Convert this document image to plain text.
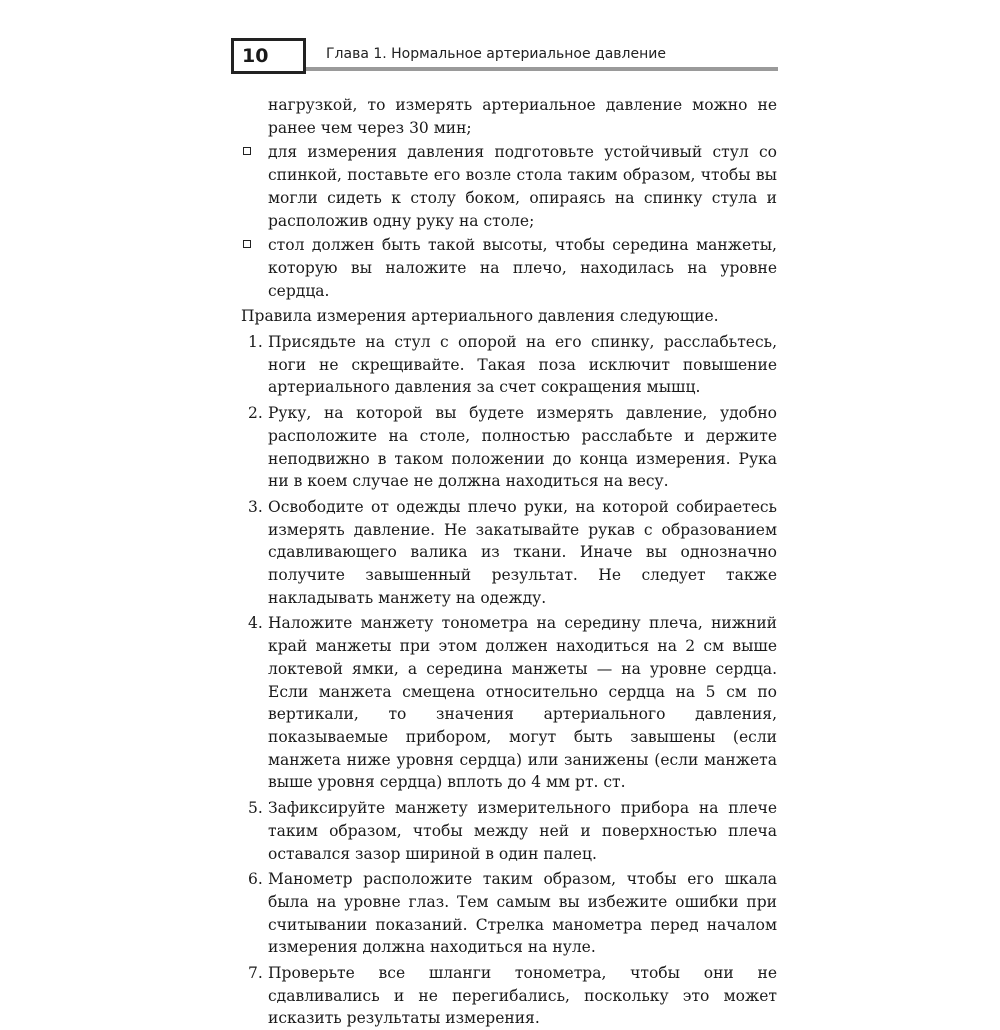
10	Глава 1. Нормальное артериальное давление

нагрузкой, то измерять артериальное давление можно не ранее чем через 30 мин;

для измерения давления подготовьте устойчивый стул со спинкой, поставьте его возле стола таким образом, чтобы вы могли сидеть к столу боком, опираясь на спинку стула и расположив одну руку на столе;
стол должен быть такой высоты, чтобы середина манжеты, которую вы наложите на плечо, находилась на уровне сердца.

Правила измерения артериального давления следующие.

1. Присядьте на стул с опорой на его спинку, расслабьтесь, ноги не скрещивайте. Такая поза исключит повышение артериального давления за счет сокращения мышц.
2. Руку, на которой вы будете измерять давление, удобно расположите на столе, полностью расслабьте и держите неподвижно в таком положении до конца измерения. Рука ни в коем случае не должна находиться на весу.
3. Освободите от одежды плечо руки, на которой собираетесь измерять давление. Не закатывайте рукав с образованием сдавливающего валика из ткани. Иначе вы однозначно получите завышенный результат. Не следует также накладывать манжету на одежду.
4. Наложите манжету тонометра на середину плеча, нижний край манжеты при этом должен находиться на 2 см выше локтевой ямки, а середина манжеты — на уровне сердца. Если манжета смещена относительно сердца на 5 см по вертикали, то значения артериального давления, показываемые прибором, могут быть завышены (если манжета ниже уровня сердца) или занижены (если манжета выше уровня сердца) вплоть до 4 мм рт. ст.
5. Зафиксируйте манжету измерительного прибора на плече таким образом, чтобы между ней и поверхностью плеча оставался зазор шириной в один палец.
6. Манометр расположите таким образом, чтобы его шкала была на уровне глаз. Тем самым вы избежите ошибки при считывании показаний. Стрелка манометра перед началом измерения должна находиться на нуле.
7. Проверьте все шланги тонометра, чтобы они не сдавливались и не перегибались, поскольку это может исказить результаты измерения.
